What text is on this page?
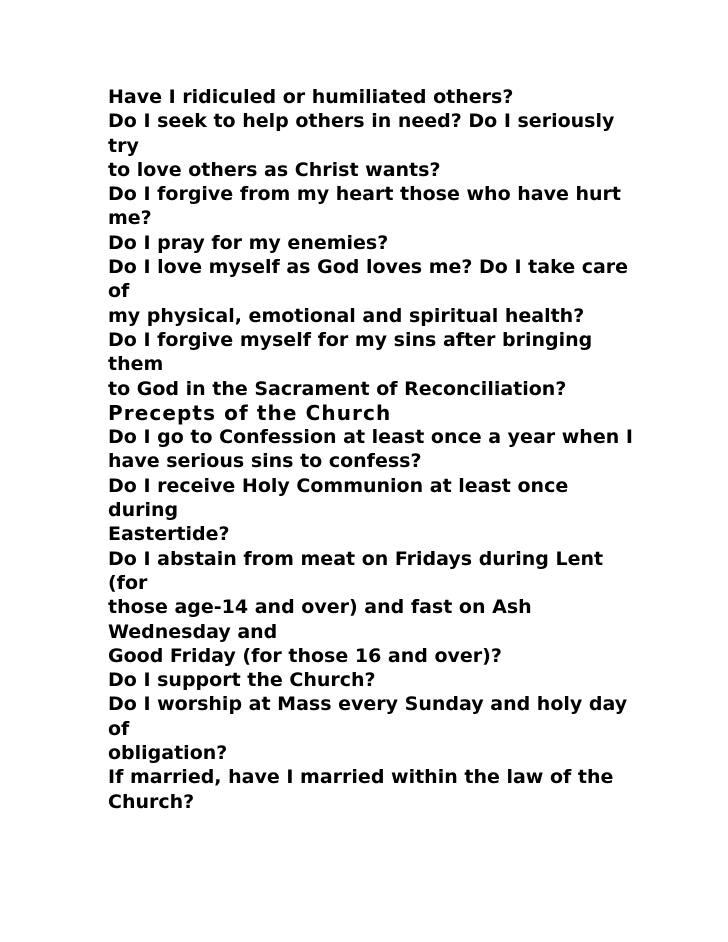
Have I ridiculed or humiliated others?
Do I seek to help others in need? Do I seriously
try
to love others as Christ wants?
Do I forgive from my heart those who have hurt
me?
Do I pray for my enemies?
Do I love myself as God loves me? Do I take care
of
my physical, emotional and spiritual health?
Do I forgive myself for my sins after bringing
them
to God in the Sacrament of Reconciliation?
Precepts of the Church
Do I go to Confession at least once a year when I
have serious sins to confess?
Do I receive Holy Communion at least once
during
Eastertide?
Do I abstain from meat on Fridays during Lent
(for
those age-14 and over) and fast on Ash
Wednesday and
Good Friday (for those 16 and over)?
Do I support the Church?
Do I worship at Mass every Sunday and holy day
of
obligation?
If married, have I married within the law of the
Church?
